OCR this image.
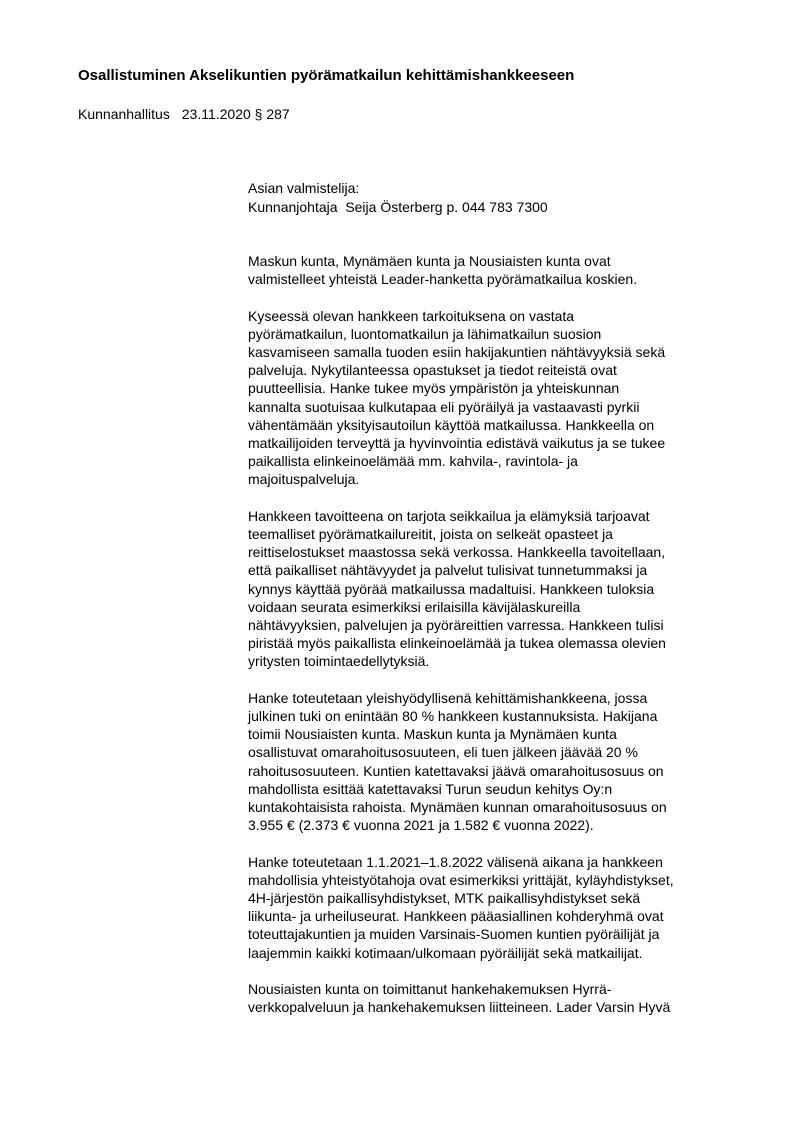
Osallistuminen Akselikuntien pyörämatkailun kehittämishankkeeseen
Kunnanhallitus 23.11.2020 § 287
Asian valmistelija:
Kunnanjohtaja Seija Österberg p. 044 783 7300

Maskun kunta, Mynämäen kunta ja Nousiaisten kunta ovat
valmistelleet yhteistä Leader-hanketta pyörämatkailua koskien.

Kyseessä olevan hankkeen tarkoituksena on vastata
pyörämatkailun, luontomatkailun ja lähimatkailun suosion
kasvamiseen samalla tuoden esiin hakijakuntien nähtävyyksiä sekä
palveluja. Nykytilanteessa opastukset ja tiedot reiteistä ovat
puutteellisia. Hanke tukee myös ympäristön ja yhteiskunnan
kannalta suotuisaa kulkutapaa eli pyöräilyä ja vastaavasti pyrkii
vähentämään yksityisautoilun käyttöä matkailussa. Hankkeella on
matkailijoiden terveyttä ja hyvinvointia edistävä vaikutus ja se tukee
paikallista elinkeinoelämää mm. kahvila-, ravintola- ja
majoituspalveluja.

Hankkeen tavoitteena on tarjota seikkailua ja elämyksiä tarjoavat
teemalliset pyörämatkailureitit, joista on selkeät opasteet ja
reittiselostukset maastossa sekä verkossa. Hankkeella tavoitellaan,
että paikalliset nähtävyydet ja palvelut tulisivat tunnetummaksi ja
kynnys käyttää pyörää matkailussa madaltuisi. Hankkeen tuloksia
voidaan seurata esimerkiksi erilaisilla kävijälaskureilla
nähtävyyksien, palvelujen ja pyöräreittien varressa. Hankkeen tulisi
piristää myös paikallista elinkeinoelämää ja tukea olemassa olevien
yritysten toimintaedellytyksiä.

Hanke toteutetaan yleishyödyllisenä kehittämishankkeena, jossa
julkinen tuki on enintään 80 % hankkeen kustannuksista. Hakijana
toimii Nousiaisten kunta. Maskun kunta ja Mynämäen kunta
osallistuvat omarahoitusosuuteen, eli tuen jälkeen jäävää 20 %
rahoitusosuuteen. Kuntien katettavaksi jäävä omarahoitusosuus on
mahdollista esittää katettavaksi Turun seudun kehitys Oy:n
kuntakohtaisista rahoista. Mynämäen kunnan omarahoitusosuus on
3.955 € (2.373 € vuonna 2021 ja 1.582 € vuonna 2022).

Hanke toteutetaan 1.1.2021–1.8.2022 välisenä aikana ja hankkeen
mahdollisia yhteistyötahoja ovat esimerkiksi yrittäjät, kyläyhdistykset,
4H-järjestön paikallisyhdistykset, MTK paikallisyhdistykset sekä
liikunta- ja urheiluseurat. Hankkeen pääasiallinen kohderyhmä ovat
toteuttajakuntien ja muiden Varsinais-Suomen kuntien pyöräilijät ja
laajemmin kaikki kotimaan/ulkomaan pyöräilijät sekä matkailijat.

Nousiaisten kunta on toimittanut hankehakemuksen Hyrrä-
verkkopalveluun ja hankehakemuksen liitteineen. Lader Varsin Hyvä
